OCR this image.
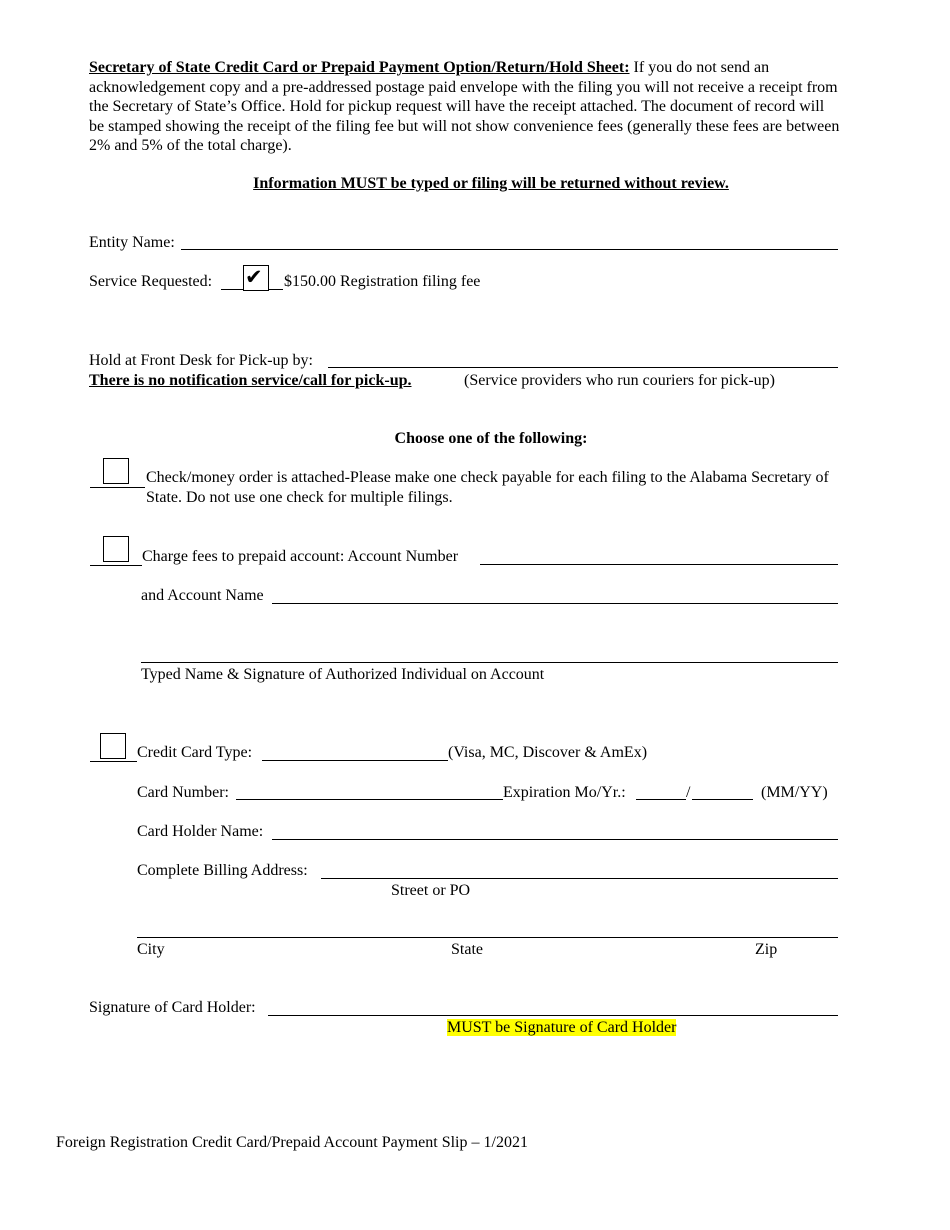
Secretary of State Credit Card or Prepaid Payment Option/Return/Hold Sheet: If you do not send an
acknowledgement copy and a pre-addressed postage paid envelope with the filing you will not receive a receipt from
the Secretary of State’s Office. Hold for pickup request will have the receipt attached. The document of record will
be stamped showing the receipt of the filing fee but will not show convenience fees (generally these fees are between
2% and 5% of the total charge).
Information MUST be typed or filing will be returned without review.
Entity Name:
Service Requested: ✔ $150.00 Registration filing fee
Hold at Front Desk for Pick-up by:
There is no notification service/call for pick-up.	(Service providers who run couriers for pick-up)
Choose one of the following:
Check/money order is attached-Please make one check payable for each filing to the Alabama Secretary of
State. Do not use one check for multiple filings.
Charge fees to prepaid account: Account Number
and Account Name
Typed Name & Signature of Authorized Individual on Account
Credit Card Type:	(Visa, MC, Discover & AmEx)
Card Number:	Expiration Mo/Yr.:	/	(MM/YY)
Card Holder Name:
Complete Billing Address:
Street or PO
City	State	Zip
Signature of Card Holder:
MUST be Signature of Card Holder
Foreign Registration Credit Card/Prepaid Account Payment Slip – 1/2021
